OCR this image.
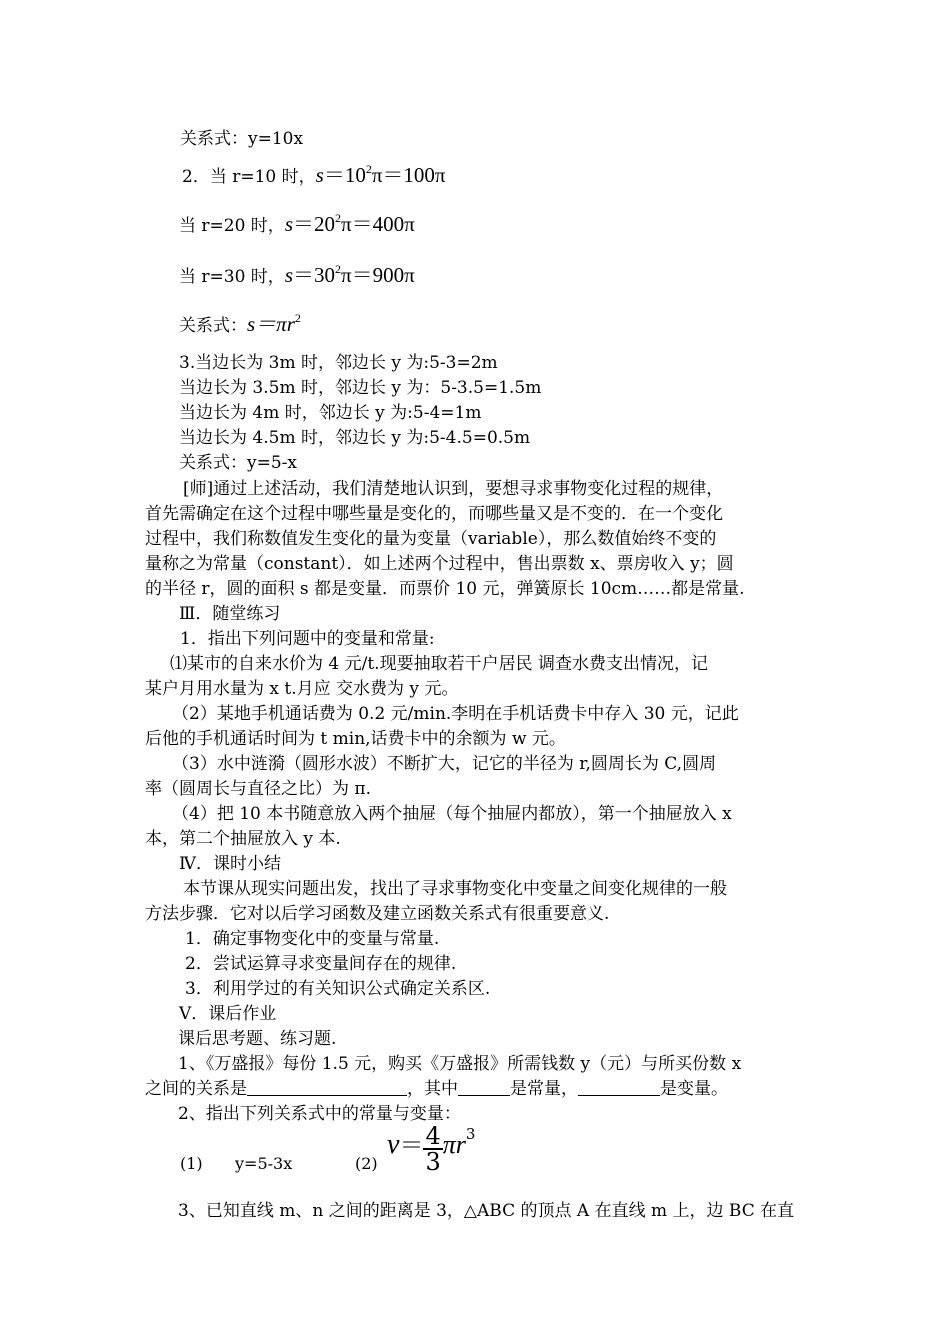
关系式：y=10x
2．当 r=10 时，$s=10^2\pi=100\pi$
当 r=20 时，$s=20^2\pi=400\pi$
当 r=30 时，$s=30^2\pi=900\pi$
关系式：$s=\pi r^2$
3.当边长为 3m 时，邻边长 y 为:5-3=2m
当边长为 3.5m 时，邻边长 y 为：5-3.5=1.5m
当边长为 4m 时，邻边长 y 为:5-4=1m
当边长为 4.5m 时，邻边长 y 为:5-4.5=0.5m
关系式：y=5-x
[师]通过上述活动，我们清楚地认识到，要想寻求事物变化过程的规律，
首先需确定在这个过程中哪些量是变化的，而哪些量又是不变的．在一个变化
过程中，我们称数值发生变化的量为变量（variable），那么数值始终不变的
量称之为常量（constant）．如上述两个过程中，售出票数 x、票房收入 y；圆
的半径 r，圆的面积 s 都是变量．而票价 10 元，弹簧原长 10cm……都是常量.
Ⅲ．随堂练习
1．指出下列问题中的变量和常量:
⑴某市的自来水价为 4 元/t.现要抽取若干户居民 调查水费支出情况，记
某户月用水量为 x t.月应 交水费为 y 元。
（2）某地手机通话费为 0.2 元/min.李明在手机话费卡中存入 30 元，记此
后他的手机通话时间为 t min,话费卡中的余额为 w 元。
（3）水中涟漪（圆形水波）不断扩大，记它的半径为 r,圆周长为 C,圆周
率（圆周长与直径之比）为 π.
（4）把 10 本书随意放入两个抽屉（每个抽屉内都放），第一个抽屉放入 x
本，第二个抽屉放入 y 本.
Ⅳ．课时小结
本节课从现实问题出发，找出了寻求事物变化中变量之间变化规律的一般
方法步骤．它对以后学习函数及建立函数关系式有很重要意义.
1．确定事物变化中的变量与常量.
2．尝试运算寻求变量间存在的规律.
3．利用学过的有关知识公式确定关系区.
Ⅴ．课后作业
课后思考题、练习题.
1、《万盛报》每份 1.5 元，购买《万盛报》所需钱数 y（元）与所买份数 x
之间的关系是	，其中	是常量，	是变量。
2、指出下列关系式中的常量与变量：
(1) y=5-3x	(2)
$v= \frac{4}{3} \pi r^3$
3、已知直线 m、n 之间的距离是 3，△ABC 的顶点 A 在直线 m 上，边 BC 在直
